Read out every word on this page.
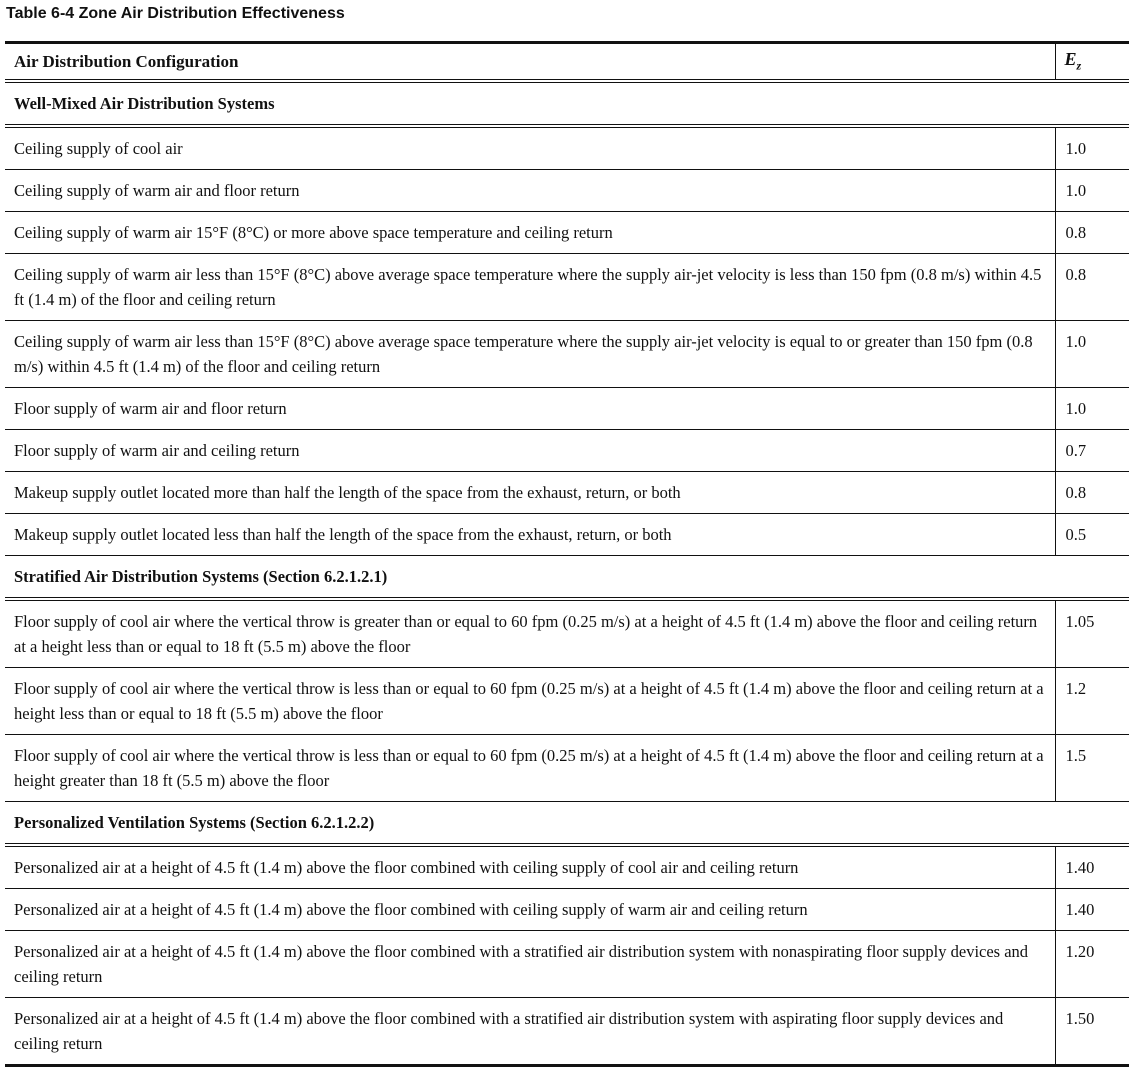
Table 6-4 Zone Air Distribution Effectiveness
Air Distribution Configuration	$E_z$
Well-Mixed Air Distribution Systems	
Ceiling supply of cool air	1.0
Ceiling supply of warm air and floor return	1.0
Ceiling supply of warm air 15°F (8°C) or more above space temperature and ceiling return	0.8
Ceiling supply of warm air less than 15°F (8°C) above average space temperature where the supply air-jet velocity is less than 150 fpm (0.8 m/s) within 4.5 ft (1.4 m) of the floor and ceiling return	0.8
Ceiling supply of warm air less than 15°F (8°C) above average space temperature where the supply air-jet velocity is equal to or greater than 150 fpm (0.8 m/s) within 4.5 ft (1.4 m) of the floor and ceiling return	1.0
Floor supply of warm air and floor return	1.0
Floor supply of warm air and ceiling return	0.7
Makeup supply outlet located more than half the length of the space from the exhaust, return, or both	0.8
Makeup supply outlet located less than half the length of the space from the exhaust, return, or both	0.5
Stratified Air Distribution Systems (Section 6.2.1.2.1)	
Floor supply of cool air where the vertical throw is greater than or equal to 60 fpm (0.25 m/s) at a height of 4.5 ft (1.4 m) above the floor and ceiling return at a height less than or equal to 18 ft (5.5 m) above the floor	1.05
Floor supply of cool air where the vertical throw is less than or equal to 60 fpm (0.25 m/s) at a height of 4.5 ft (1.4 m) above the floor and ceiling return at a height less than or equal to 18 ft (5.5 m) above the floor	1.2
Floor supply of cool air where the vertical throw is less than or equal to 60 fpm (0.25 m/s) at a height of 4.5 ft (1.4 m) above the floor and ceiling return at a height greater than 18 ft (5.5 m) above the floor	1.5
Personalized Ventilation Systems (Section 6.2.1.2.2)	
Personalized air at a height of 4.5 ft (1.4 m) above the floor combined with ceiling supply of cool air and ceiling return	1.40
Personalized air at a height of 4.5 ft (1.4 m) above the floor combined with ceiling supply of warm air and ceiling return	1.40
Personalized air at a height of 4.5 ft (1.4 m) above the floor combined with a stratified air distribution system with nonaspirating floor supply devices and ceiling return	1.20
Personalized air at a height of 4.5 ft (1.4 m) above the floor combined with a stratified air distribution system with aspirating floor supply devices and ceiling return	1.50
